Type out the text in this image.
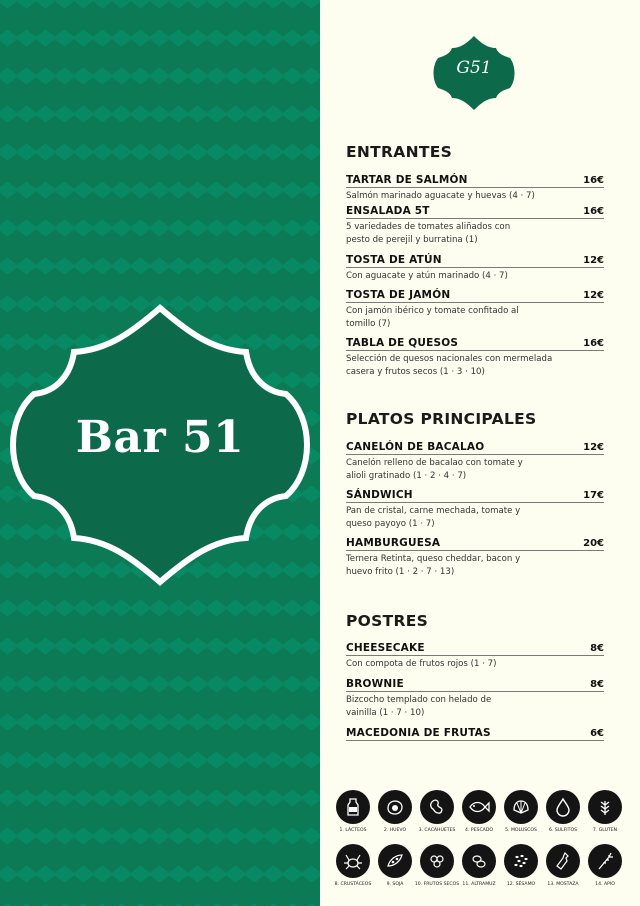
Bar 51
G51
ENTRANTES
TARTAR DE SALMÓN	16€
Salmón marinado aguacate y huevas (4 · 7)
ENSALADA 5T	16€
5 variedades de tomates aliñados con pesto de perejil y burratina (1)
TOSTA DE ATÚN	12€
Con aguacate y atún marinado (4 · 7)
TOSTA DE JAMÓN	12€
Con jamón ibérico y tomate confitado al tomillo (7)
TABLA DE QUESOS	16€
Selección de quesos nacionales con mermelada casera y frutos secos (1 · 3 · 10)
PLATOS PRINCIPALES
CANELÓN DE BACALAO	12€
Canelón relleno de bacalao con tomate y alioli gratinado (1 · 2 · 4 · 7)
SÁNDWICH	17€
Pan de cristal, carne mechada, tomate y queso payoyo (1 · 7)
HAMBURGUESA	20€
Ternera Retinta, queso cheddar, bacon y huevo frito (1 · 2 · 7 · 13)
POSTRES
CHEESECAKE	8€
Con compota de frutos rojos (1 · 7)
BROWNIE	8€
Bizcocho templado con helado de vainilla (1 · 7 · 10)
MACEDONIA DE FRUTAS	6€
1. LÁCTEOS	2. HUEVO	3. CACAHUETES	4. PESCADO	5. MOLUSCOS	6. SULFITOS	7. GLUTEN
8. CRUSTÁCEOS	9. SOJA	10. FRUTOS SECOS 11. ALTRAMUZ	12. SÉSAMO	13. MOSTAZA	14. APIO
